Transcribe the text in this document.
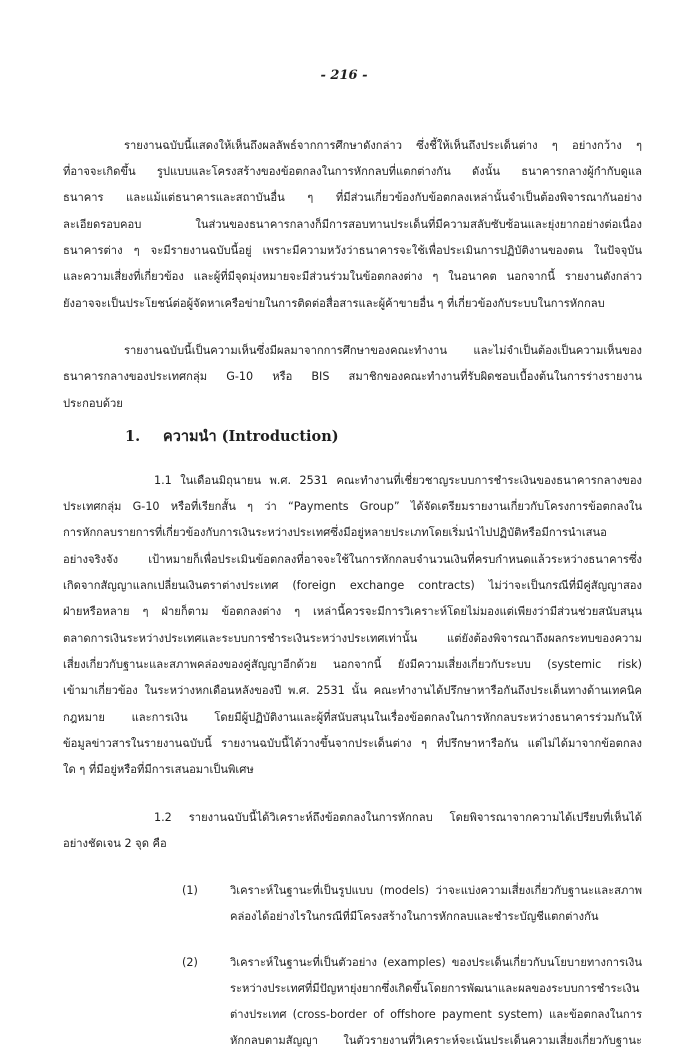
- 216 -

รายงานฉบับนี้แสดงให้เห็นถึงผลลัพธ์จากการศึกษาดังกล่าว ซึ่งชี้ให้เห็นถึงประเด็นต่าง ๆ อย่างกว้าง ๆ

ที่อาจจะเกิดขึ้น รูปแบบและโครงสร้างของข้อตกลงในการหักกลบที่แตกต่างกัน ดังนั้น ธนาคารกลางผู้กำกับดูแล

ธนาคาร และแม้แต่ธนาคารและสถาบันอื่น ๆ ที่มีส่วนเกี่ยวข้องกับข้อตกลงเหล่านั้นจำเป็นต้องพิจารณากันอย่าง

ละเอียดรอบคอบ ในส่วนของธนาคารกลางก็มีการสอบทานประเด็นที่มีความสลับซับซ้อนและยุ่งยากอย่างต่อเนื่อง

ธนาคารต่าง ๆ จะมีรายงานฉบับนี้อยู่ เพราะมีความหวังว่าธนาคารจะใช้เพื่อประเมินการปฏิบัติงานของตน ในปัจจุบัน

และความเสี่ยงที่เกี่ยวข้อง และผู้ที่มีจุดมุ่งหมายจะมีส่วนร่วมในข้อตกลงต่าง ๆ ในอนาคต นอกจากนี้ รายงานดังกล่าว

ยังอาจจะเป็นประโยชน์ต่อผู้จัดหาเครือข่ายในการติดต่อสื่อสารและผู้ค้าขายอื่น ๆ ที่เกี่ยวข้องกับระบบในการหักกลบ

รายงานฉบับนี้เป็นความเห็นซึ่งมีผลมาจากการศึกษาของคณะทำงาน และไม่จำเป็นต้องเป็นความเห็นของ

ธนาคารกลางของประเทศกลุ่ม G-10 หรือ BIS สมาชิกของคณะทำงานที่รับผิดชอบเบื้องต้นในการร่างรายงาน

ประกอบด้วย

1. ความนำ (Introduction)

1.1 ในเดือนมิถุนายน พ.ศ. 2531 คณะทำงานที่เชี่ยวชาญระบบการชำระเงินของธนาคารกลางของ

ประเทศกลุ่ม G-10 หรือที่เรียกสั้น ๆ ว่า “Payments Group” ได้จัดเตรียมรายงานเกี่ยวกับโครงการข้อตกลงใน

การหักกลบรายการที่เกี่ยวข้องกับการเงินระหว่างประเทศซึ่งมีอยู่หลายประเภทโดยเริ่มนำไปปฏิบัติหรือมีการนำเสนอ

อย่างจริงจัง เป้าหมายก็เพื่อประเมินข้อตกลงที่อาจจะใช้ในการหักกลบจำนวนเงินที่ครบกำหนดแล้วระหว่างธนาคารซึ่ง

เกิดจากสัญญาแลกเปลี่ยนเงินตราต่างประเทศ (foreign exchange contracts) ไม่ว่าจะเป็นกรณีที่มีคู่สัญญาสอง

ฝ่ายหรือหลาย ๆ ฝ่ายก็ตาม ข้อตกลงต่าง ๆ เหล่านี้ควรจะมีการวิเคราะห์โดยไม่มองแต่เพียงว่ามีส่วนช่วยสนับสนุน

ตลาดการเงินระหว่างประเทศและระบบการชำระเงินระหว่างประเทศเท่านั้น แต่ยังต้องพิจารณาถึงผลกระทบของความ

เสี่ยงเกี่ยวกับฐานะและสภาพคล่องของคู่สัญญาอีกด้วย นอกจากนี้ ยังมีความเสี่ยงเกี่ยวกับระบบ (systemic risk)

เข้ามาเกี่ยวข้อง ในระหว่างหกเดือนหลังของปี พ.ศ. 2531 นั้น คณะทำงานได้ปรึกษาหารือกันถึงประเด็นทางด้านเทคนิค

กฎหมาย และการเงิน โดยมีผู้ปฏิบัติงานและผู้ที่สนับสนุนในเรื่องข้อตกลงในการหักกลบระหว่างธนาคารร่วมกันให้

ข้อมูลข่าวสารในรายงานฉบับนี้ รายงานฉบับนี้ได้วางขึ้นจากประเด็นต่าง ๆ ที่ปรึกษาหารือกัน แต่ไม่ได้มาจากข้อตกลง

ใด ๆ ที่มีอยู่หรือที่มีการเสนอมาเป็นพิเศษ

1.2 รายงานฉบับนี้ได้วิเคราะห์ถึงข้อตกลงในการหักกลบ โดยพิจารณาจากความได้เปรียบที่เห็นได้

อย่างชัดเจน 2 จุด คือ

(1)	วิเคราะห์ในฐานะที่เป็นรูปแบบ (models) ว่าจะแบ่งความเสี่ยงเกี่ยวกับฐานะและสภาพ

คล่องได้อย่างไรในกรณีที่มีโครงสร้างในการหักกลบและชำระบัญชีแตกต่างกัน

(2)	วิเคราะห์ในฐานะที่เป็นตัวอย่าง (examples) ของประเด็นเกี่ยวกับนโยบายทางการเงิน

ระหว่างประเทศที่มีปัญหายุ่งยากซึ่งเกิดขึ้นโดยการพัฒนาและผลของระบบการชำระเงิน

ต่างประเทศ (cross-border of offshore payment system) และข้อตกลงในการ

หักกลบตามสัญญา ในตัวรายงานที่วิเคราะห์จะเน้นประเด็นความเสี่ยงเกี่ยวกับฐานะ
